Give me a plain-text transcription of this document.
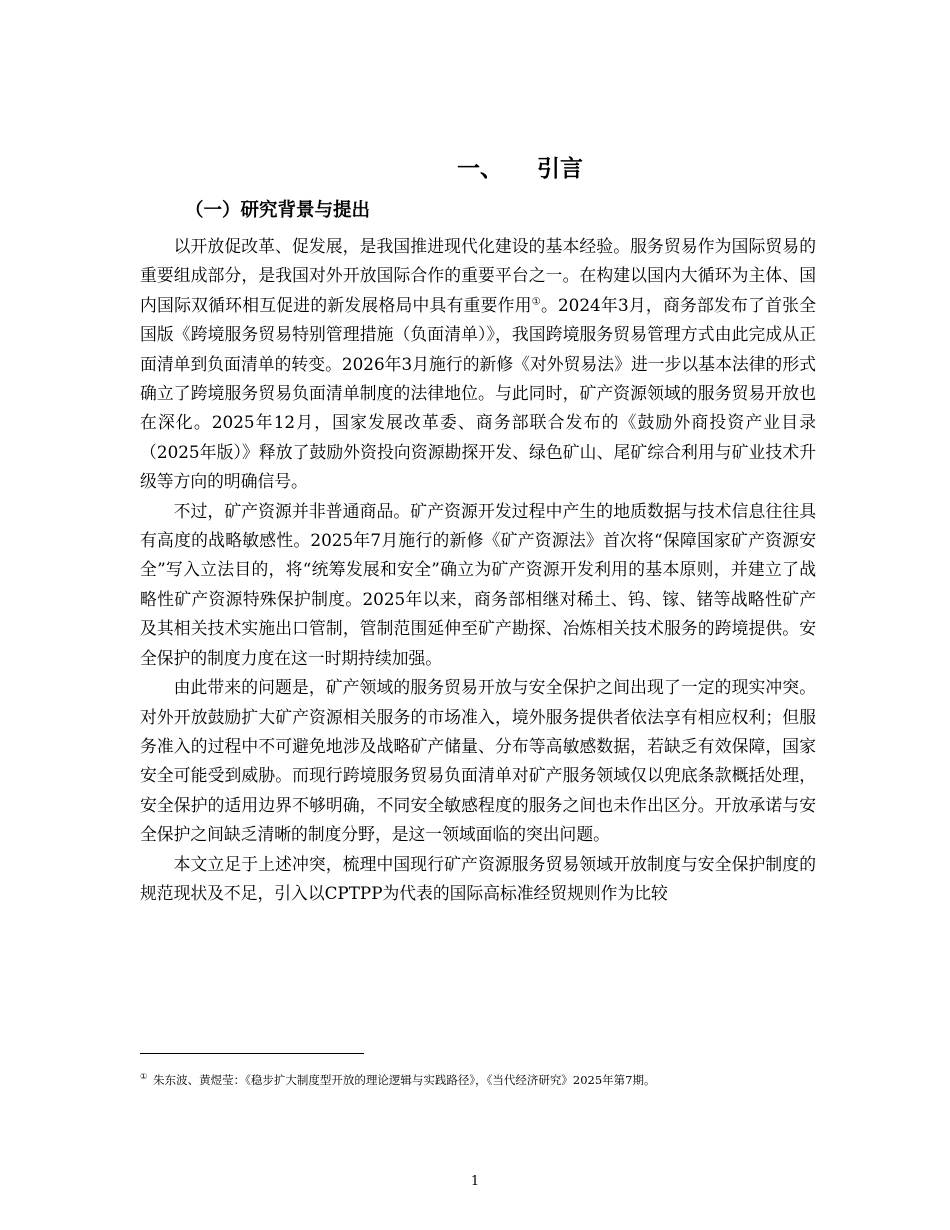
一、 引言
（一）研究背景与提出

以开放促改革、促发展，是我国推进现代化建设的基本经验。服务贸易作为国际贸易的重要组成部分，是我国对外开放国际合作的重要平台之一。在构建以国内大循环为主体、国内国际双循环相互促进的新发展格局中具有重要作用①。2024年3月，商务部发布了首张全国版《跨境服务贸易特别管理措施（负面清单）》，我国跨境服务贸易管理方式由此完成从正面清单到负面清单的转变。2026年3月施行的新修《对外贸易法》进一步以基本法律的形式确立了跨境服务贸易负面清单制度的法律地位。与此同时，矿产资源领域的服务贸易开放也在深化。2025年12月，国家发展改革委、商务部联合发布的《鼓励外商投资产业目录（2025年版）》释放了鼓励外资投向资源勘探开发、绿色矿山、尾矿综合利用与矿业技术升级等方向的明确信号。

不过，矿产资源并非普通商品。矿产资源开发过程中产生的地质数据与技术信息往往具有高度的战略敏感性。2025年7月施行的新修《矿产资源法》首次将“保障国家矿产资源安全”写入立法目的，将“统筹发展和安全”确立为矿产资源开发利用的基本原则，并建立了战略性矿产资源特殊保护制度。2025年以来，商务部相继对稀土、钨、镓、锗等战略性矿产及其相关技术实施出口管制，管制范围延伸至矿产勘探、冶炼相关技术服务的跨境提供。安全保护的制度力度在这一时期持续加强。

由此带来的问题是，矿产领域的服务贸易开放与安全保护之间出现了一定的现实冲突。对外开放鼓励扩大矿产资源相关服务的市场准入，境外服务提供者依法享有相应权利；但服务准入的过程中不可避免地涉及战略矿产储量、分布等高敏感数据，若缺乏有效保障，国家安全可能受到威胁。而现行跨境服务贸易负面清单对矿产服务领域仅以兜底条款概括处理，安全保护的适用边界不够明确，不同安全敏感程度的服务之间也未作出区分。开放承诺与安全保护之间缺乏清晰的制度分野，是这一领域面临的突出问题。

本文立足于上述冲突，梳理中国现行矿产资源服务贸易领域开放制度与安全保护制度的规范现状及不足，引入以CPTPP为代表的国际高标准经贸规则作为比较

① 朱东波、黄煜莹：《稳步扩大制度型开放的理论逻辑与实践路径》，《当代经济研究》2025年第7期。
1
